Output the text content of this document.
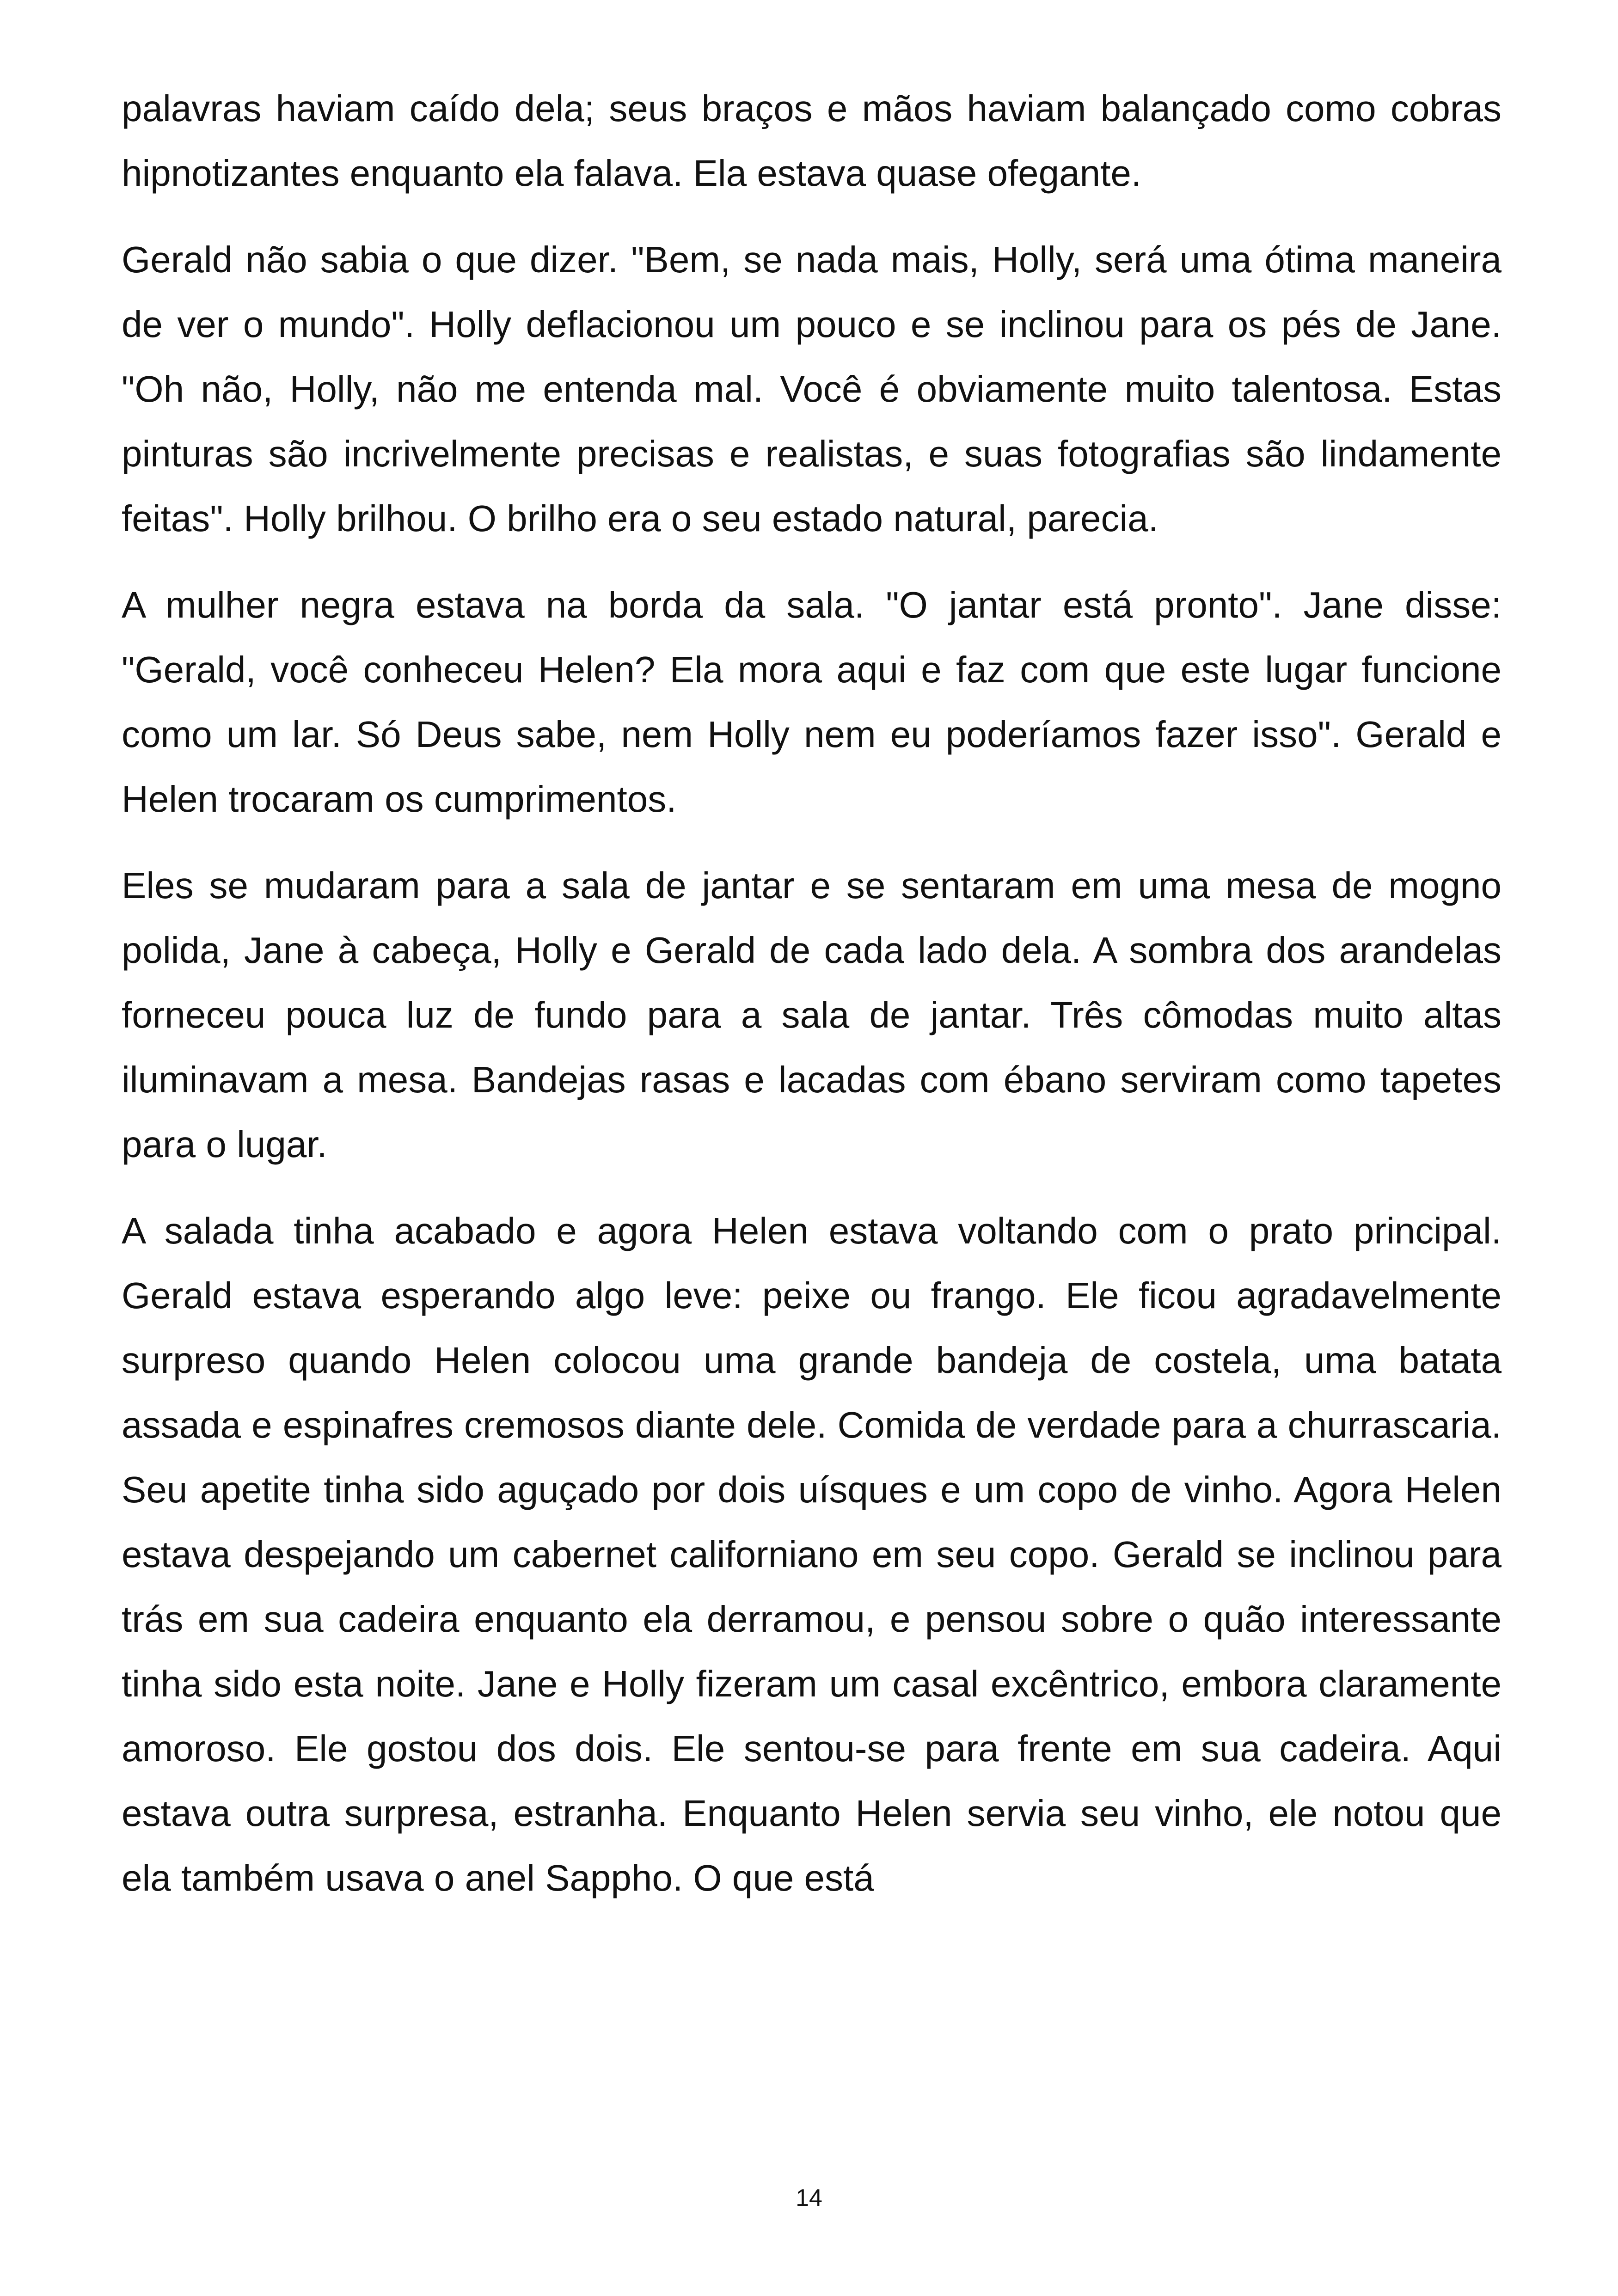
palavras haviam caído dela; seus braços e mãos haviam balançado como cobras hipnotizantes enquanto ela falava. Ela estava quase ofegante.

Gerald não sabia o que dizer. "Bem, se nada mais, Holly, será uma ótima maneira de ver o mundo". Holly deflacionou um pouco e se inclinou para os pés de Jane. "Oh não, Holly, não me entenda mal. Você é obviamente muito talentosa. Estas pinturas são incrivelmente precisas e realistas, e suas fotografias são lindamente feitas". Holly brilhou. O brilho era o seu estado natural, parecia.

A mulher negra estava na borda da sala. "O jantar está pronto". Jane disse: "Gerald, você conheceu Helen? Ela mora aqui e faz com que este lugar funcione como um lar. Só Deus sabe, nem Holly nem eu poderíamos fazer isso". Gerald e Helen trocaram os cumprimentos.

Eles se mudaram para a sala de jantar e se sentaram em uma mesa de mogno polida, Jane à cabeça, Holly e Gerald de cada lado dela. A sombra dos arandelas forneceu pouca luz de fundo para a sala de jantar. Três cômodas muito altas iluminavam a mesa. Bandejas rasas e lacadas com ébano serviram como tapetes para o lugar.

A salada tinha acabado e agora Helen estava voltando com o prato principal. Gerald estava esperando algo leve: peixe ou frango. Ele ficou agradavelmente surpreso quando Helen colocou uma grande bandeja de costela, uma batata assada e espinafres cremosos diante dele. Comida de verdade para a churrascaria. Seu apetite tinha sido aguçado por dois uísques e um copo de vinho. Agora Helen estava despejando um cabernet californiano em seu copo. Gerald se inclinou para trás em sua cadeira enquanto ela derramou, e pensou sobre o quão interessante tinha sido esta noite. Jane e Holly fizeram um casal excêntrico, embora claramente amoroso. Ele gostou dos dois. Ele sentou-se para frente em sua cadeira. Aqui estava outra surpresa, estranha. Enquanto Helen servia seu vinho, ele notou que ela também usava o anel Sappho. O que está

14
